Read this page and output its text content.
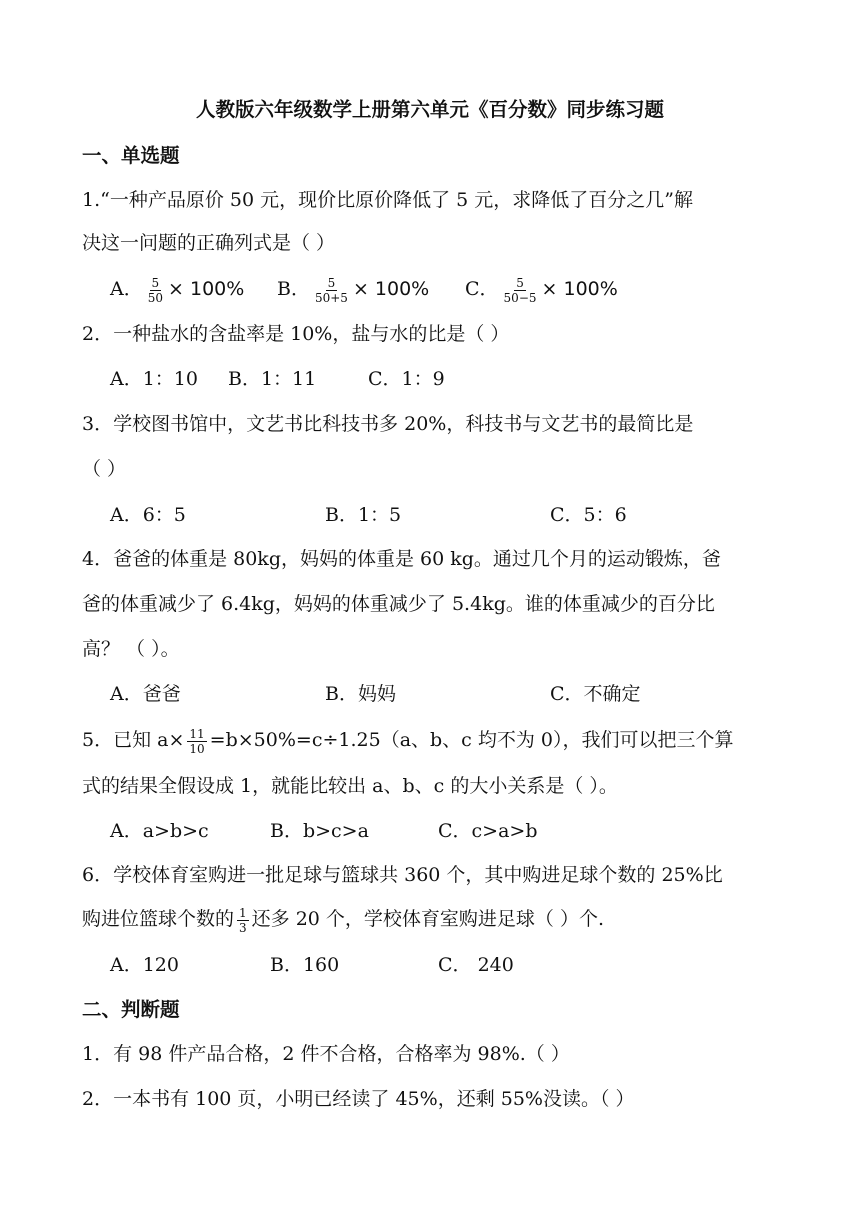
人教版六年级数学上册第六单元《百分数》同步练习题
一、单选题
1.“一种产品原价 50 元，现价比原价降低了 5 元，求降低了百分之几”解
决这一问题的正确列式是（ ）
A． $\frac{5}{50} \times 100\%$ B． $\frac{5}{50+5} \times 100\%$ C． $\frac{5}{50-5} \times 100\%$
2．一种盐水的含盐率是 10%，盐与水的比是（ ）
A．1：10 B．1：11	C．1：9
3．学校图书馆中，文艺书比科技书多 20%，科技书与文艺书的最简比是
（ ）
A．6：5	B．1：5	C．5：6
4．爸爸的体重是 80kg，妈妈的体重是 60 kg。通过几个月的运动锻炼，爸
爸的体重减少了 6.4kg，妈妈的体重减少了 5.4kg。谁的体重减少的百分比
高？ （ ）。
A．爸爸	B．妈妈	C．不确定
5．已知 $a\times \frac{11}{10} =b\times 50\%=c\div 1.25(a$、b、c 均不为 0），我们可以把三个算
式的结果全假设成 1，就能比较出 a、b、c 的大小关系是（ ）。
A．a>b>c	B．b>c>a	C．c>a>b
6．学校体育室购进一批足球与篮球共 360 个，其中购进足球个数的 25%比
购进位篮球个数的 $\frac{1}{3}$ 还多 20 个，学校体育室购进足球（ ）个.
A．120	B．160	C． 240
二、判断题
1．有 98 件产品合格，2 件不合格，合格率为 98%.（ ）
2．一本书有 100 页，小明已经读了 45%，还剩 55%没读。（ ）
